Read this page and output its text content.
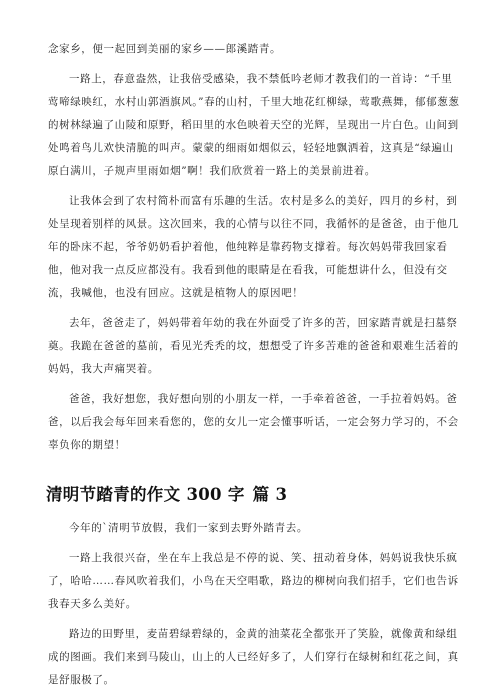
念家乡，便一起回到美丽的家乡——郎溪踏青。

一路上，春意盎然，让我倍受感染，我不禁低吟老师才教我们的一首诗：“千里莺啼绿映红，水村山郭酒旗风。”春的山村，千里大地花红柳绿，莺歌燕舞，郁郁葱葱的树林绿遍了山陵和原野，稻田里的水色映着天空的光辉，呈现出一片白色。山间到处鸣着鸟儿欢快清脆的叫声。蒙蒙的细雨如烟似云，轻轻地飘洒着，这真是“绿遍山原白满川，子规声里雨如烟”啊！我们欣赏着一路上的美景前进着。

让我体会到了农村简朴而富有乐趣的生活。农村是多么的美好，四月的乡村，到处呈现着别样的风景。这次回来，我的心情与以往不同，我循怀的是爸爸，由于他几年的卧床不起，爷爷奶奶看护着他，他纯粹是靠药物支撑着。每次妈妈带我回家看他，他对我一点反应都没有。我看到他的眼睛是在看我，可能想讲什么，但没有交流，我喊他，也没有回应。这就是植物人的原因吧！

去年，爸爸走了，妈妈带着年幼的我在外面受了许多的苦，回家踏青就是扫墓祭奠。我跪在爸爸的墓前，看见光秃秃的坟，想想受了许多苦难的爸爸和艰难生活着的妈妈，我大声痛哭着。

爸爸，我好想您，我好想向别的小朋友一样，一手牵着爸爸，一手拉着妈妈。爸爸，以后我会每年回来看您的，您的女儿一定会懂事听话，一定会努力学习的，不会辜负你的期望！

清明节踏青的作文 300 字 篇 3

今年的`清明节放假，我们一家到去野外踏青去。

一路上我很兴奋，坐在车上我总是不停的说、笑、扭动着身体，妈妈说我快乐疯了，哈哈……春风吹着我们，小鸟在天空唱歌，路边的柳树向我们招手，它们也告诉我春天多么美好。

路边的田野里，麦苗碧绿碧绿的，金黄的油菜花全都张开了笑脸，就像黄和绿组成的图画。我们来到马陵山，山上的人已经好多了，人们穿行在绿树和红花之间，真是舒服极了。
